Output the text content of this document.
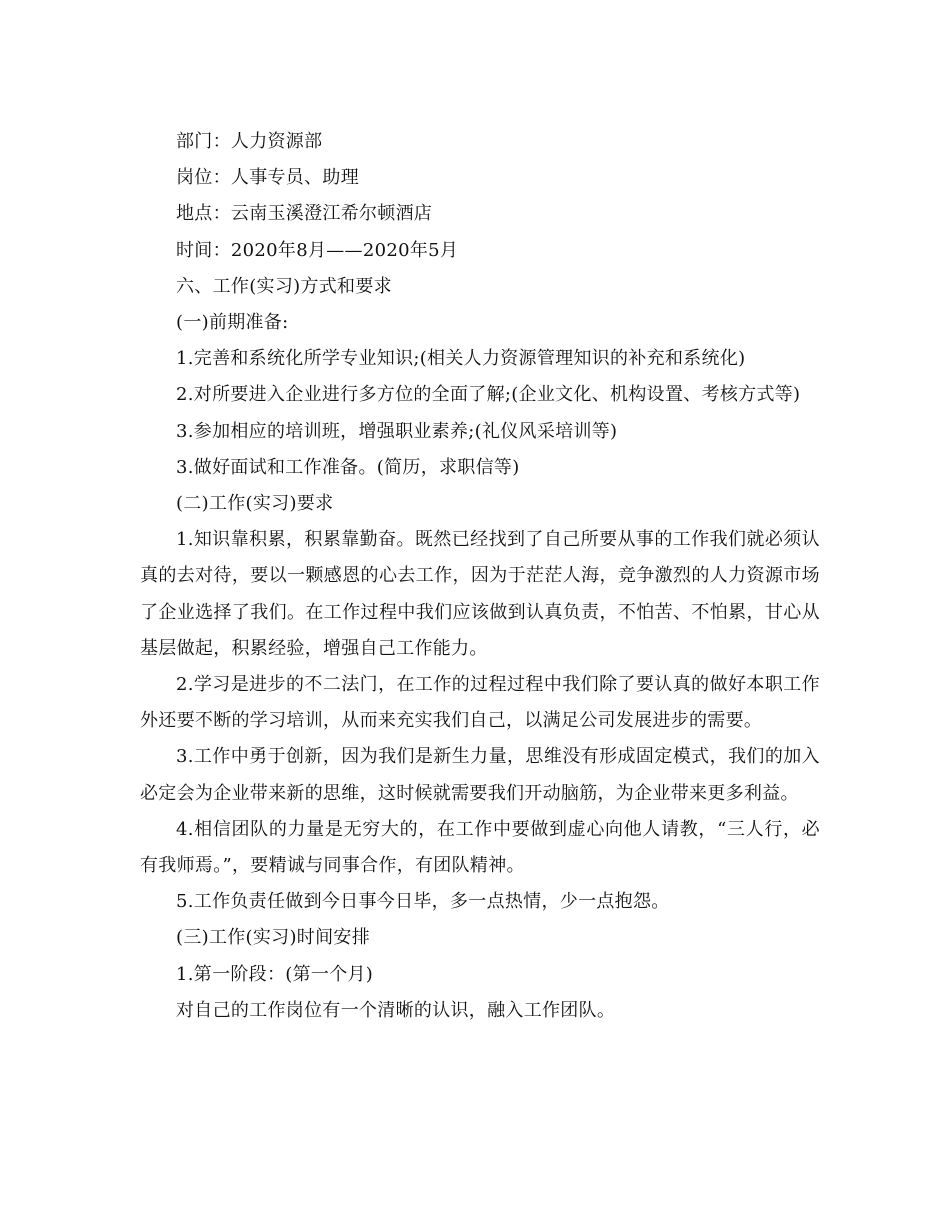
部门：人力资源部

岗位：人事专员、助理

地点：云南玉溪澄江希尔顿酒店

时间：2020年8月——2020年5月

六、工作(实习)方式和要求

(一)前期准备:

1.完善和系统化所学专业知识;(相关人力资源管理知识的补充和系统化)

2.对所要进入企业进行多方位的全面了解;(企业文化、机构设置、考核方式等)

3.参加相应的培训班，增强职业素养;(礼仪风采培训等)

3.做好面试和工作准备。(简历，求职信等)

(二)工作(实习)要求

1.知识靠积累，积累靠勤奋。既然已经找到了自己所要从事的工作我们就必须认真的去对待，要以一颗感恩的心去工作，因为于茫茫人海，竞争激烈的人力资源市场了企业选择了我们。在工作过程中我们应该做到认真负责，不怕苦、不怕累，甘心从基层做起，积累经验，增强自己工作能力。

2.学习是进步的不二法门，在工作的过程过程中我们除了要认真的做好本职工作外还要不断的学习培训，从而来充实我们自己，以满足公司发展进步的需要。

3.工作中勇于创新，因为我们是新生力量，思维没有形成固定模式，我们的加入必定会为企业带来新的思维，这时候就需要我们开动脑筋，为企业带来更多利益。

4.相信团队的力量是无穷大的，在工作中要做到虚心向他人请教，“三人行，必有我师焉。”，要精诚与同事合作，有团队精神。

5.工作负责任做到今日事今日毕，多一点热情，少一点抱怨。

(三)工作(实习)时间安排

1.第一阶段：(第一个月)

对自己的工作岗位有一个清晰的认识，融入工作团队。
